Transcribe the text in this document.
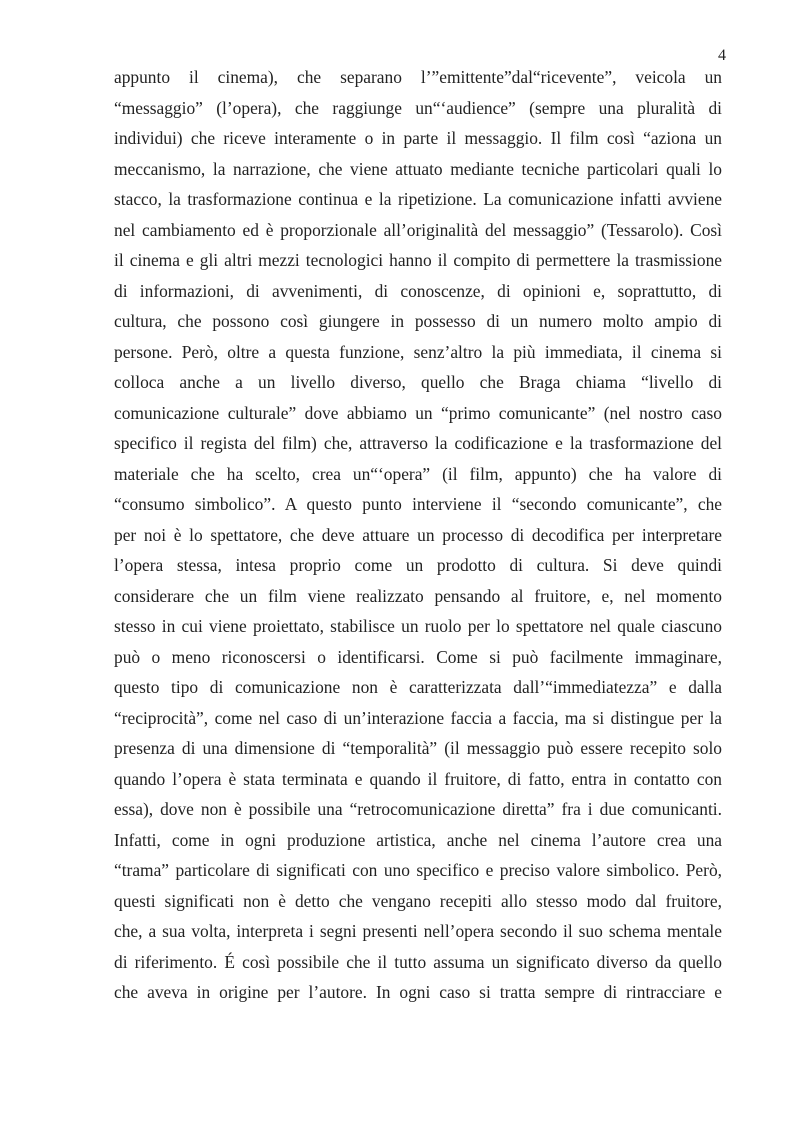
4
appunto il cinema), che separano l’”emittente”dal“ricevente”, veicola un
“messaggio” (l’opera), che raggiunge un“‘audience” (sempre una pluralità di
individui) che riceve interamente o in parte il messaggio. Il film così “aziona un
meccanismo, la narrazione, che viene attuato mediante tecniche particolari quali lo
stacco, la trasformazione continua e la ripetizione. La comunicazione infatti avviene
nel cambiamento ed è proporzionale all’originalità del messaggio” (Tessarolo). Così
il cinema e gli altri mezzi tecnologici hanno il compito di permettere la trasmissione
di informazioni, di avvenimenti, di conoscenze, di opinioni e, soprattutto, di
cultura, che possono così giungere in possesso di un numero molto ampio di
persone. Però, oltre a questa funzione, senz’altro la più immediata, il cinema si
colloca anche a un livello diverso, quello che Braga chiama “livello di
comunicazione culturale” dove abbiamo un “primo comunicante” (nel nostro caso
specifico il regista del film) che, attraverso la codificazione e la trasformazione del
materiale che ha scelto, crea un“‘opera” (il film, appunto) che ha valore di
“consumo simbolico”. A questo punto interviene il “secondo comunicante”, che
per noi è lo spettatore, che deve attuare un processo di decodifica per interpretare
l’opera stessa, intesa proprio come un prodotto di cultura. Si deve quindi
considerare che un film viene realizzato pensando al fruitore, e, nel momento
stesso in cui viene proiettato, stabilisce un ruolo per lo spettatore nel quale ciascuno
può o meno riconoscersi o identificarsi. Come si può facilmente immaginare,
questo tipo di comunicazione non è caratterizzata dall’“immediatezza” e dalla
“reciprocità”, come nel caso di un’interazione faccia a faccia, ma si distingue per la
presenza di una dimensione di “temporalità” (il messaggio può essere recepito solo
quando l’opera è stata terminata e quando il fruitore, di fatto, entra in contatto con
essa), dove non è possibile una “retrocomunicazione diretta” fra i due comunicanti.
Infatti, come in ogni produzione artistica, anche nel cinema l’autore crea una
“trama” particolare di significati con uno specifico e preciso valore simbolico. Però,
questi significati non è detto che vengano recepiti allo stesso modo dal fruitore,
che, a sua volta, interpreta i segni presenti nell’opera secondo il suo schema mentale
di riferimento. É così possibile che il tutto assuma un significato diverso da quello
che aveva in origine per l’autore. In ogni caso si tratta sempre di rintracciare e
